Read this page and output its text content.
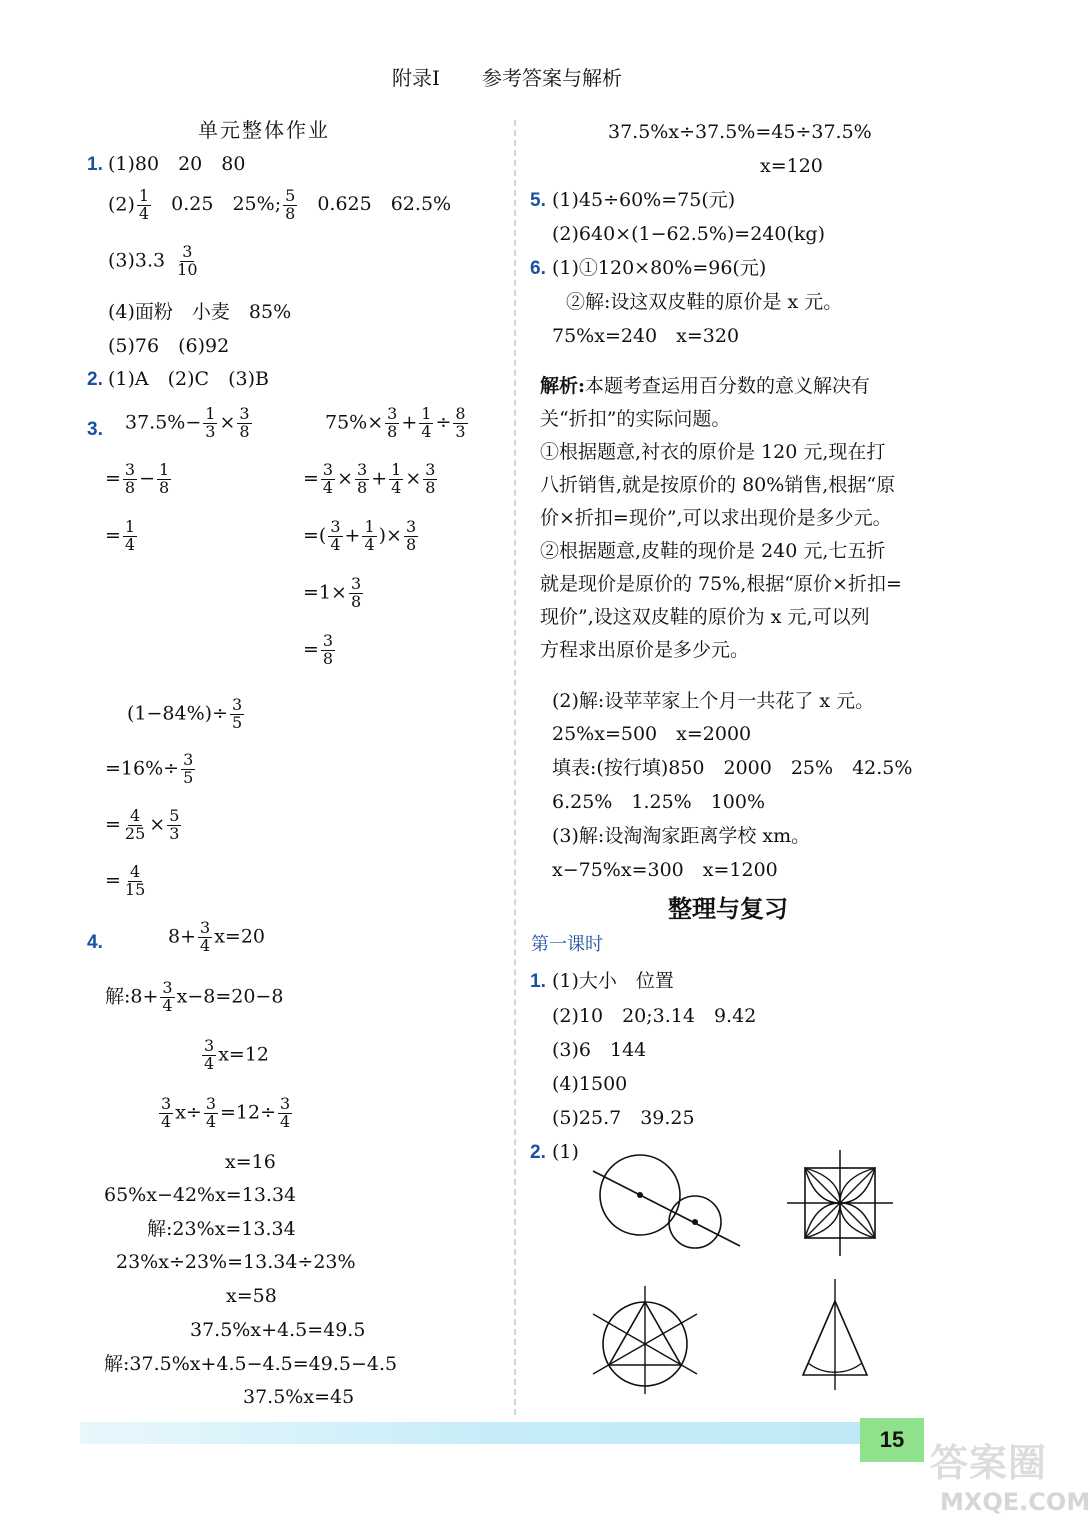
附录Ⅰ 参考答案与解析
单元整体作业
1. (1)80　20　80
$(2) \frac{1}{4} 0.25$　25%; $\frac{5}{8} 0.625$　62.5%
$(3)3.3 \frac{3}{10}$
(4)面粉　小麦　85%
(5)76　(6)92
2. (1)A　(2)C　(3)B
3. $37.5\%- \frac{1}{3} \times \frac{3}{8}$
= $\frac{3}{8} - \frac{1}{8}$
= $\frac{1}{4}$
$75\%\times \frac{3}{8} + \frac{1}{4} \div \frac{8}{3}$
= $\frac{3}{4} \times \frac{3}{8} + \frac{1}{4} \times \frac{3}{8}$
=( $\frac{3}{4} + \frac{1}{4}$ )× $\frac{3}{8}$
$=1\times \frac{3}{8}$
= $\frac{3}{8}$
$(1-84\%)\div \frac{3}{5}$
$=16\%\div \frac{3}{5}$
= $\frac{4}{25} \times \frac{5}{3}$
= $\frac{4}{15}$
4.	$8+ \frac{3}{4} x=20$
解:8+ $\frac{3}{4} x-8=20-8$
$\frac{3}{4} x=12$
$\frac{3}{4} x\div \frac{3}{4} =12\div \frac{3}{4}$
x=16
65%x−42%x=13.34
解:23%x=13.34
23%x÷23%=13.34÷23%
x=58
37.5%x+4.5=49.5
解:37.5%x+4.5−4.5=49.5−4.5
37.5%x=45
37.5%x÷37.5%=45÷37.5%
x=120
5. (1)45÷60%=75(元)
(2)640×(1−62.5%)=240(kg)
6. (1)①120×80%=96(元)
②解:设这双皮鞋的原价是 x 元。
75%x=240　x=320
解析:本题考查运用百分数的意义解决有
关“折扣”的实际问题。
①根据题意,衬衣的原价是 120 元,现在打
八折销售,就是按原价的 80%销售,根据“原
价×折扣=现价”,可以求出现价是多少元。
②根据题意,皮鞋的现价是 240 元,七五折
就是现价是原价的 75%,根据“原价×折扣=
现价”,设这双皮鞋的原价为 x 元,可以列
方程求出原价是多少元。
(2)解:设苹苹家上个月一共花了 x 元。
25%x=500　x=2000
填表:(按行填)850　2000　25%　42.5%
6.25%　1.25%　100%
(3)解:设淘淘家距离学校 xm。
x−75%x=300　x=1200
整理与复习
第一课时
1. (1)大小　位置
(2)10　20;3.14　9.42
(3)6　144
(4)1500
(5)25.7　39.25
2. (1)
15
答案圈
MXQE.COM
